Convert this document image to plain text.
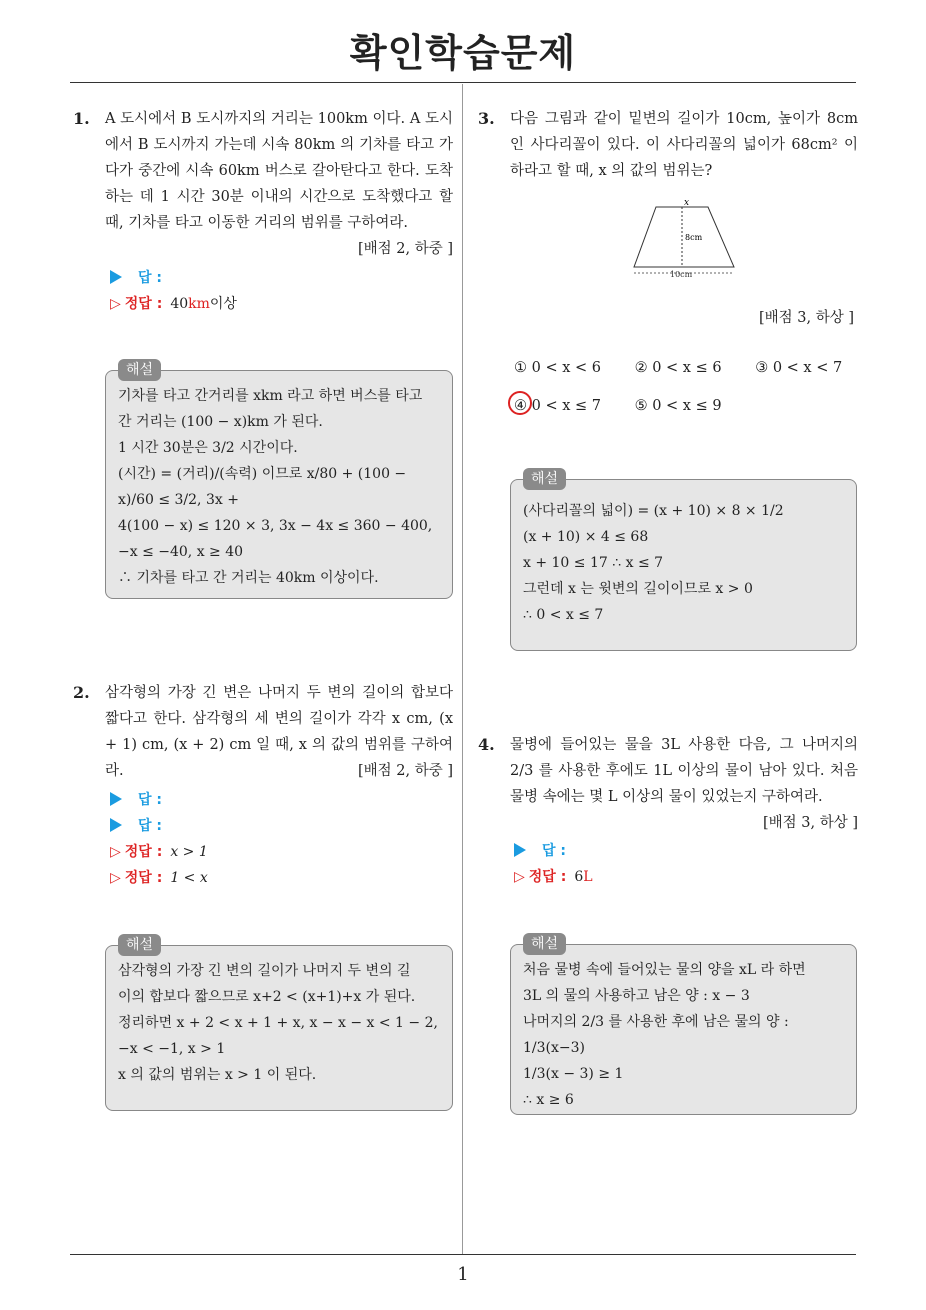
확인학습문제
1. A 도시에서 B 도시까지의 거리는 100km 이다. A 도시에서 B 도시까지 가는데 시속 80km 의 기차를 타고 가다가 중간에 시속 60km 버스로 갈아탄다고 한다. 도착하는 데 1 시간 30분 이내의 시간으로 도착했다고 할 때, 기차를 타고 이동한 거리의 범위를 구하여라.
[배점 2, 하중 ]
답 :
▷ 정답 : 40km이상
해설
기차를 타고 간거리를 xkm 라고 하면 버스를 타고
간 거리는 (100 − x)km 가 된다.
1 시간 30분은 3/2 시간이다.
(시간) = (거리)/(속력) 이므로 x/80 + (100 − x)/60 ≤ 3/2, 3x +
4(100 − x) ≤ 120 × 3, 3x − 4x ≤ 360 − 400,
−x ≤ −40, x ≥ 40
∴ 기차를 타고 간 거리는 40km 이상이다.
2. 삼각형의 가장 긴 변은 나머지 두 변의 길이의 합보다 짧다고 한다. 삼각형의 세 변의 길이가 각각 x cm, (x + 1) cm, (x + 2) cm 일 때, x 의 값의 범위를 구하여라.	[배점 2, 하중 ]
답 :
답 :
▷ 정답 : x > 1
▷ 정답 : 1 < x
해설
삼각형의 가장 긴 변의 길이가 나머지 두 변의 길
이의 합보다 짧으므로 x+2 < (x+1)+x 가 된다.
정리하면 x + 2 < x + 1 + x, x − x − x < 1 − 2,
−x < −1, x > 1
x 의 값의 범위는 x > 1 이 된다.
3. 다음 그림과 같이 밑변의 길이가 10cm, 높이가 8cm 인 사다리꼴이 있다. 이 사다리꼴의 넓이가 68cm² 이하라고 할 때, x 의 값의 범위는?
x
8cm
10cm
[배점 3, 하상 ]
① 0 < x < 6 ② 0 < x ≤ 6 ③ 0 < x < 7
④ 0 < x ≤ 7 ⑤ 0 < x ≤ 9
해설
(사다리꼴의 넓이) = (x + 10) × 8 × 1/2
(x + 10) × 4 ≤ 68
x + 10 ≤ 17 ∴ x ≤ 7
그런데 x 는 윗변의 길이이므로 x > 0
∴ 0 < x ≤ 7
4. 물병에 들어있는 물을 3L 사용한 다음, 그 나머지의 2/3 를 사용한 후에도 1L 이상의 물이 남아 있다. 처음 물병 속에는 몇 L 이상의 물이 있었는지 구하여라.
[배점 3, 하상 ]
답 :
▷ 정답 : 6L
해설
처음 물병 속에 들어있는 물의 양을 xL 라 하면
3L 의 물의 사용하고 남은 양 : x − 3
나머지의 2/3 를 사용한 후에 남은 물의 양 : 1/3(x−3)
1/3(x − 3) ≥ 1
∴ x ≥ 6
1
